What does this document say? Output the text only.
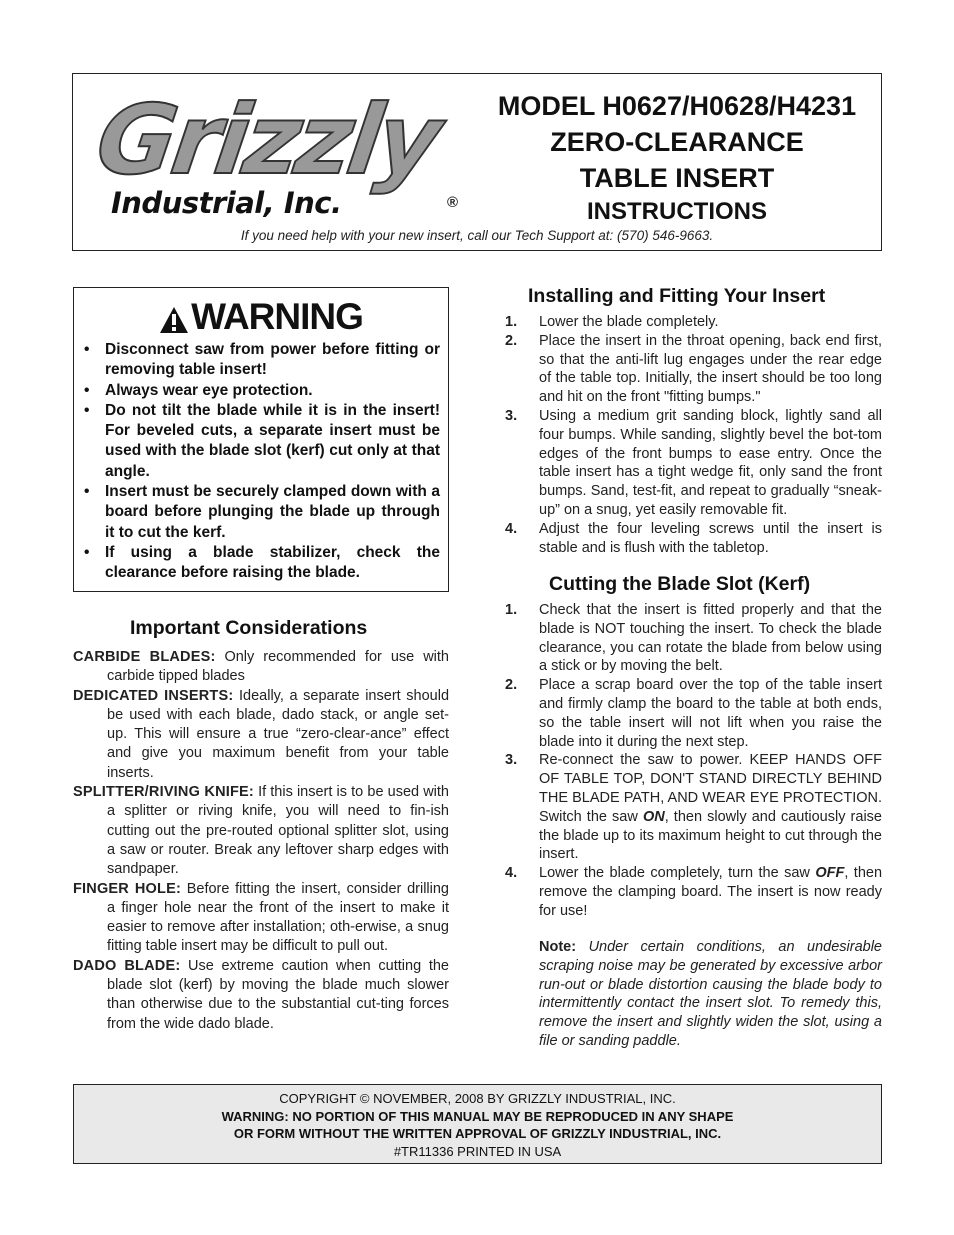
Grizzly
Industrial, Inc.	®
MODEL H0627/H0628/H4231
ZERO-CLEARANCE
TABLE INSERT
INSTRUCTIONS
If you need help with your new insert, call our Tech Support at: (570) 546-9663.
WARNING
• Disconnect saw from power before fitting or removing table insert!
• Always wear eye protection.
• Do not tilt the blade while it is in the insert! For beveled cuts, a separate insert must be used with the blade slot (kerf) cut only at that angle.
• Insert must be securely clamped down with a board before plunging the blade up through it to cut the kerf.
• If using a blade stabilizer, check the clearance before raising the blade.
Important Considerations

CARBIDE BLADES: Only recommended for use with carbide tipped blades

DEDICATED INSERTS: Ideally, a separate insert should be used with each blade, dado stack, or angle set-up. This will ensure a true “zero-clear-ance” effect and give you maximum benefit from your table inserts.

SPLITTER/RIVING KNIFE: If this insert is to be used with a splitter or riving knife, you will need to fin-ish cutting out the pre-routed optional splitter slot, using a saw or router. Break any leftover sharp edges with sandpaper.

FINGER HOLE: Before fitting the insert, consider drilling a finger hole near the front of the insert to make it easier to remove after installation; oth-erwise, a snug fitting table insert may be difficult to pull out.

DADO BLADE: Use extreme caution when cutting the blade slot (kerf) by moving the blade much slower than otherwise due to the substantial cut-ting forces from the wide dado blade.

Installing and Fitting Your Insert
1. Lower the blade completely.
2. Place the insert in the throat opening, back end first, so that the anti-lift lug engages under the rear edge of the table top. Initially, the insert should be too long and hit on the front "fitting bumps."
3. Using a medium grit sanding block, lightly sand all four bumps. While sanding, slightly bevel the bot-tom edges of the front bumps to ease entry. Once the table insert has a tight wedge fit, only sand the front bumps. Sand, test-fit, and repeat to gradually “sneak-up” on a snug, yet easily removable fit.
4. Adjust the four leveling screws until the insert is stable and is flush with the tabletop.
Cutting the Blade Slot (Kerf)
1. Check that the insert is fitted properly and that the blade is NOT touching the insert. To check the blade clearance, you can rotate the blade from below using a stick or by moving the belt.
2. Place a scrap board over the top of the table insert and firmly clamp the board to the table at both ends, so the table insert will not lift when you raise the blade into it during the next step.
3. Re-connect the saw to power. KEEP HANDS OFF OF TABLE TOP, DON'T STAND DIRECTLY BEHIND THE BLADE PATH, AND WEAR EYE PROTECTION. Switch the saw ON, then slowly and cautiously raise the blade up to its maximum height to cut through the insert.
4. Lower the blade completely, turn the saw OFF, then remove the clamping board. The insert is now ready for use!
Note: Under certain conditions, an undesirable scraping noise may be generated by excessive arbor run-out or blade distortion causing the blade body to intermittently contact the insert slot. To remedy this, remove the insert and slightly widen the slot, using a file or sanding paddle.
COPYRIGHT © NOVEMBER, 2008 BY GRIZZLY INDUSTRIAL, INC.
WARNING: NO PORTION OF THIS MANUAL MAY BE REPRODUCED IN ANY SHAPE
OR FORM WITHOUT THE WRITTEN APPROVAL OF GRIZZLY INDUSTRIAL, INC.
#TR11336 PRINTED IN USA
